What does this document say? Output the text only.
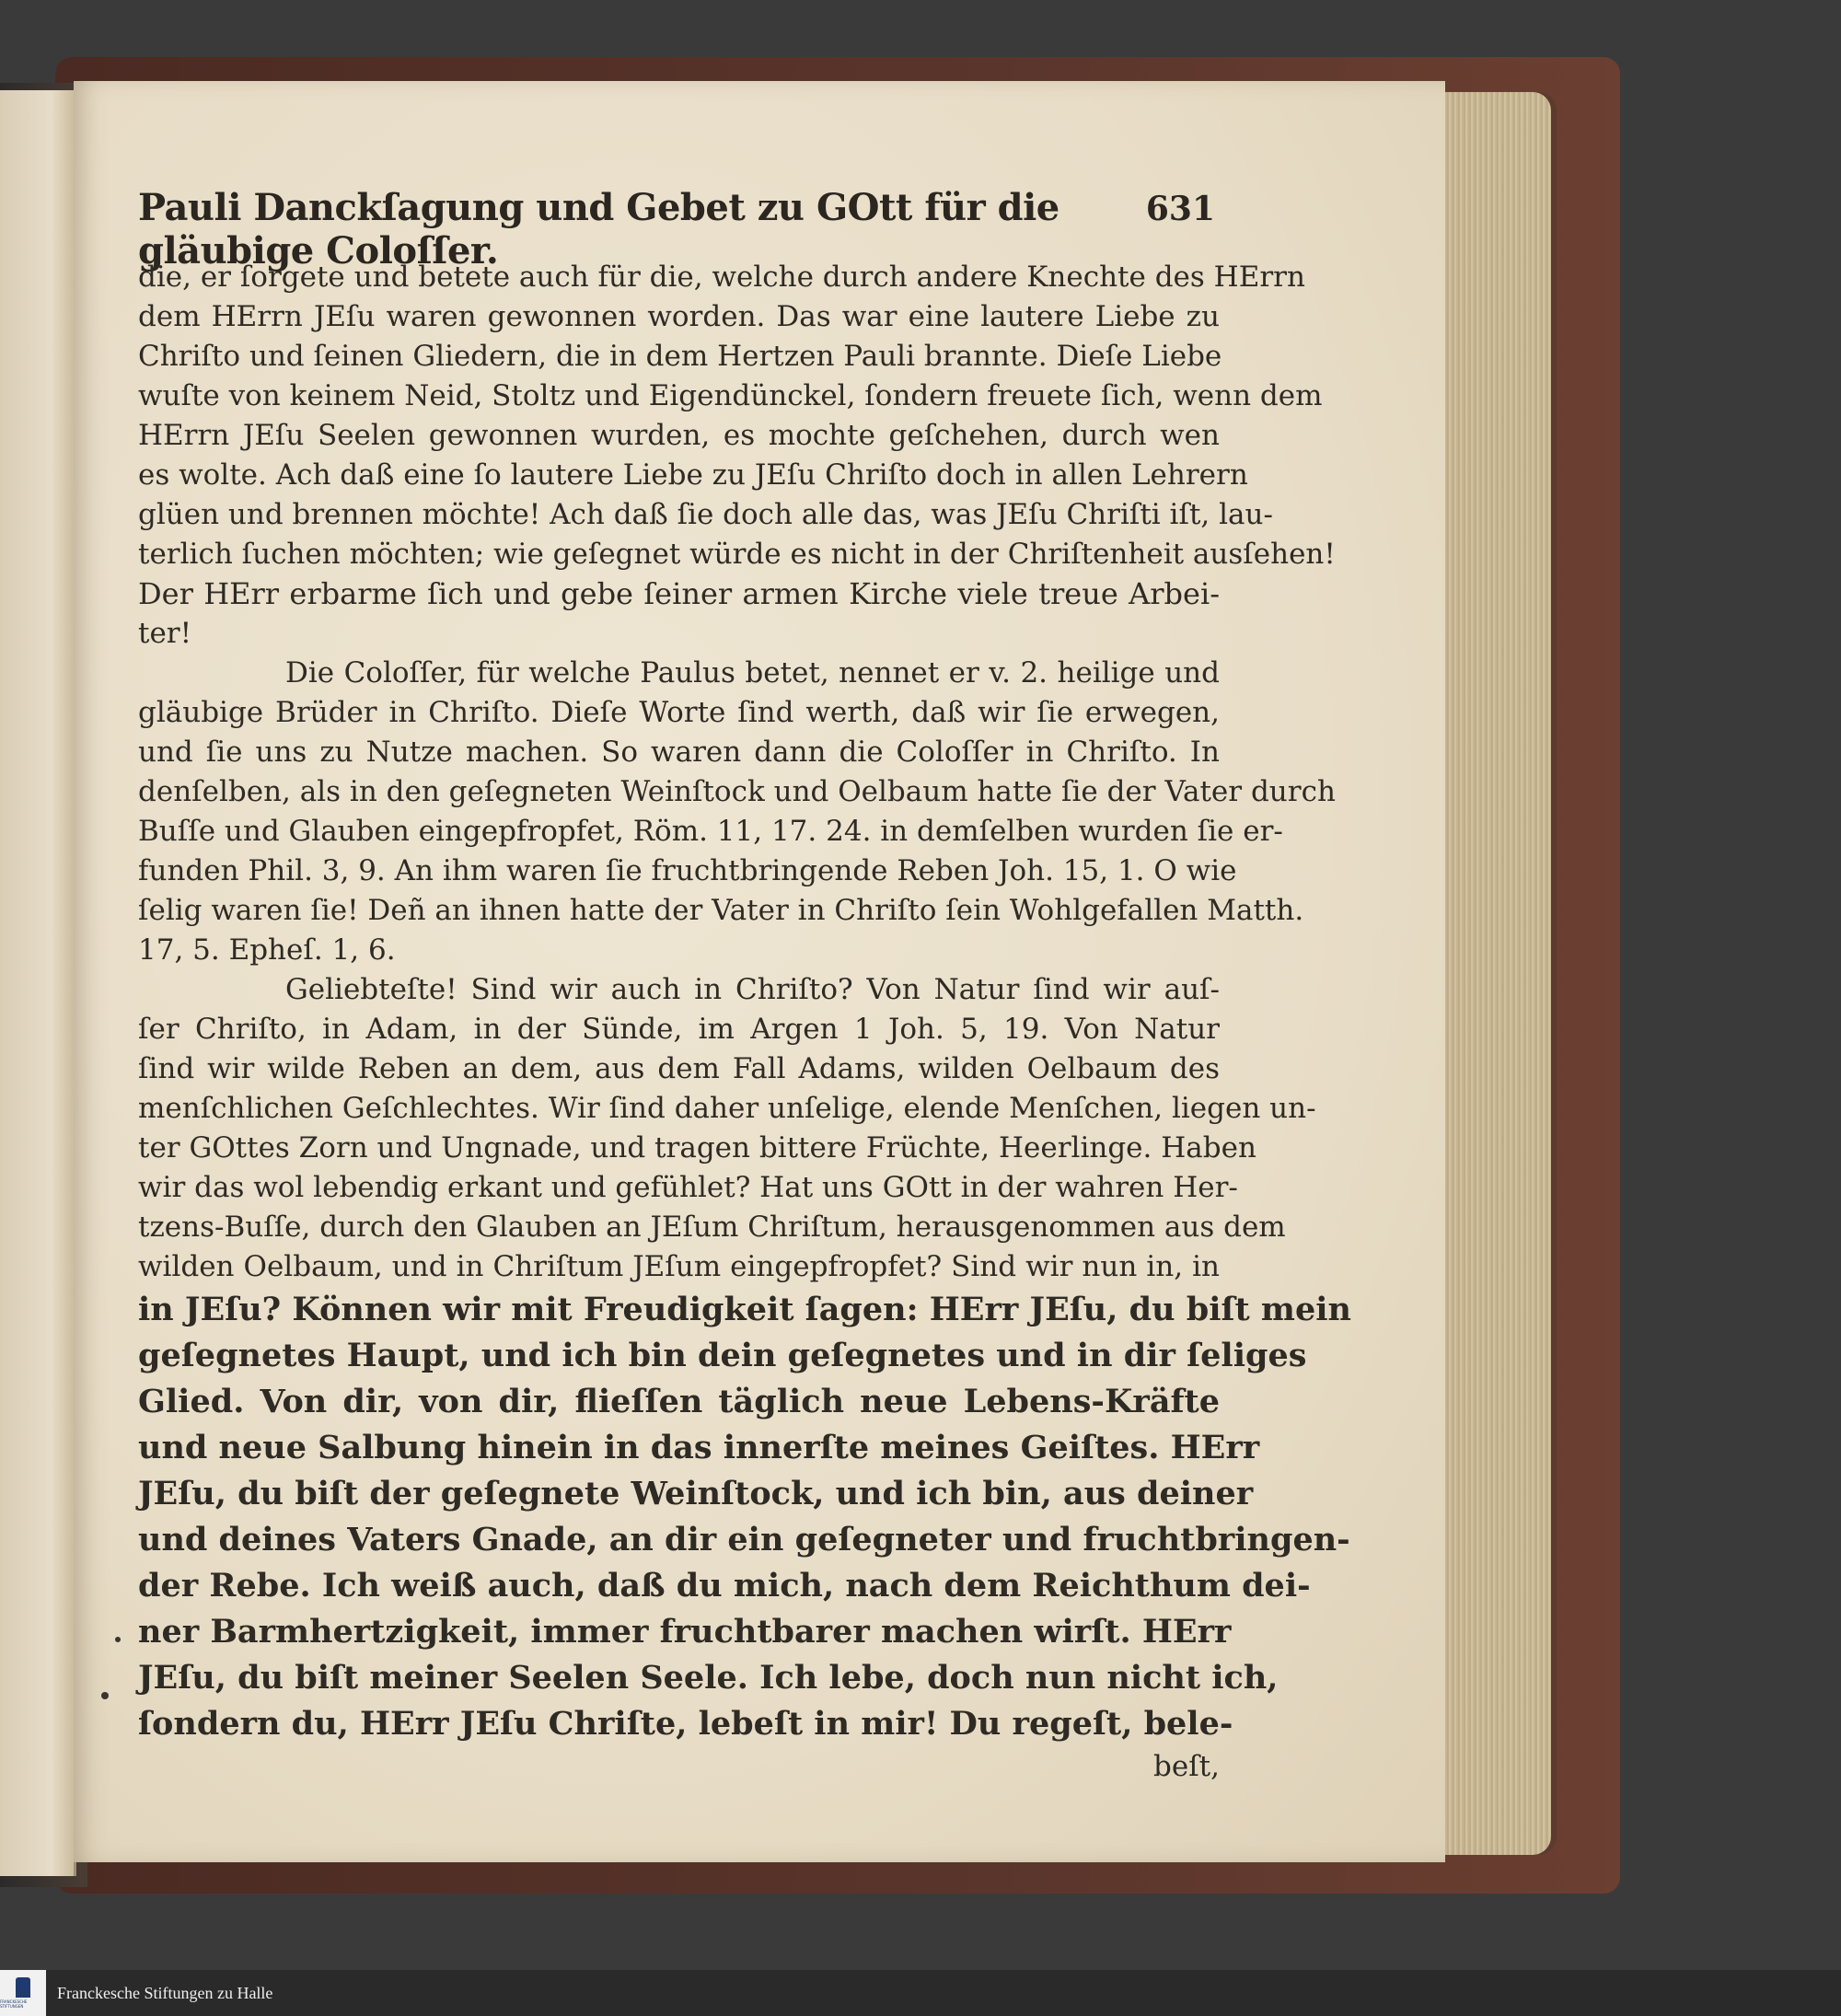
Pauli Danckſagung und Gebet zu GOtt für die gläubige Coloſſer.
631
die, er ſorgete und betete auch für die, welche durch andere Knechte des HErrn
dem HErrn JEſu waren gewonnen worden. Das war eine lautere Liebe zu
Chriſto und ſeinen Gliedern, die in dem Hertzen Pauli brannte. Dieſe Liebe
wuſte von keinem Neid, Stoltz und Eigendünckel, ſondern freuete ſich, wenn dem
HErrn JEſu Seelen gewonnen wurden, es mochte geſchehen, durch wen
es wolte. Ach daß eine ſo lautere Liebe zu JEſu Chriſto doch in allen Lehrern
glüen und brennen möchte! Ach daß ſie doch alle das, was JEſu Chriſti iſt, lau-
terlich ſuchen möchten; wie geſegnet würde es nicht in der Chriſtenheit ausſehen!
Der HErr erbarme ſich und gebe ſeiner armen Kirche viele treue Arbei-
ter!
Die Coloſſer, für welche Paulus betet, nennet er v. 2. heilige und
gläubige Brüder in Chriſto. Dieſe Worte ſind werth, daß wir ſie erwegen,
und ſie uns zu Nutze machen. So waren dann die Coloſſer in Chriſto. In
denſelben, als in den geſegneten Weinſtock und Oelbaum hatte ſie der Vater durch
Buſſe und Glauben eingepfropfet, Röm. 11, 17. 24. in demſelben wurden ſie er-
funden Phil. 3, 9. An ihm waren ſie fruchtbringende Reben Joh. 15, 1. O wie
ſelig waren ſie! Deñ an ihnen hatte der Vater in Chriſto ſein Wohlgefallen Matth.
17, 5. Epheſ. 1, 6.
Geliebteſte! Sind wir auch in Chriſto? Von Natur ſind wir auſ-
ſer Chriſto, in Adam, in der Sünde, im Argen 1 Joh. 5, 19. Von Natur
ſind wir wilde Reben an dem, aus dem Fall Adams, wilden Oelbaum des
menſchlichen Geſchlechtes. Wir ſind daher unſelige, elende Menſchen, liegen un-
ter GOttes Zorn und Ungnade, und tragen bittere Früchte, Heerlinge. Haben
wir das wol lebendig erkant und gefühlet? Hat uns GOtt in der wahren Her-
tzens-Buſſe, durch den Glauben an JEſum Chriſtum, herausgenommen aus dem
wilden Oelbaum, und in Chriſtum JEſum eingepfropfet? Sind wir nun in, in
in JEſu? Können wir mit Freudigkeit ſagen: HErr JEſu, du biſt mein
geſegnetes Haupt, und ich bin dein geſegnetes und in dir ſeliges
Glied. Von dir, von dir, flieſſen täglich neue Lebens-Kräfte
und neue Salbung hinein in das innerſte meines Geiſtes. HErr
JEſu, du biſt der geſegnete Weinſtock, und ich bin, aus deiner
und deines Vaters Gnade, an dir ein geſegneter und fruchtbringen-
der Rebe. Ich weiß auch, daß du mich, nach dem Reichthum dei-
ner Barmhertzigkeit, immer fruchtbarer machen wirſt. HErr
JEſu, du biſt meiner Seelen Seele. Ich lebe, doch nun nicht ich,
ſondern du, HErr JEſu Chriſte, lebeſt in mir! Du regeſt, bele-
beſt,
FRANCKESCHE STIFTUNGEN
Franckesche Stiftungen zu Halle
